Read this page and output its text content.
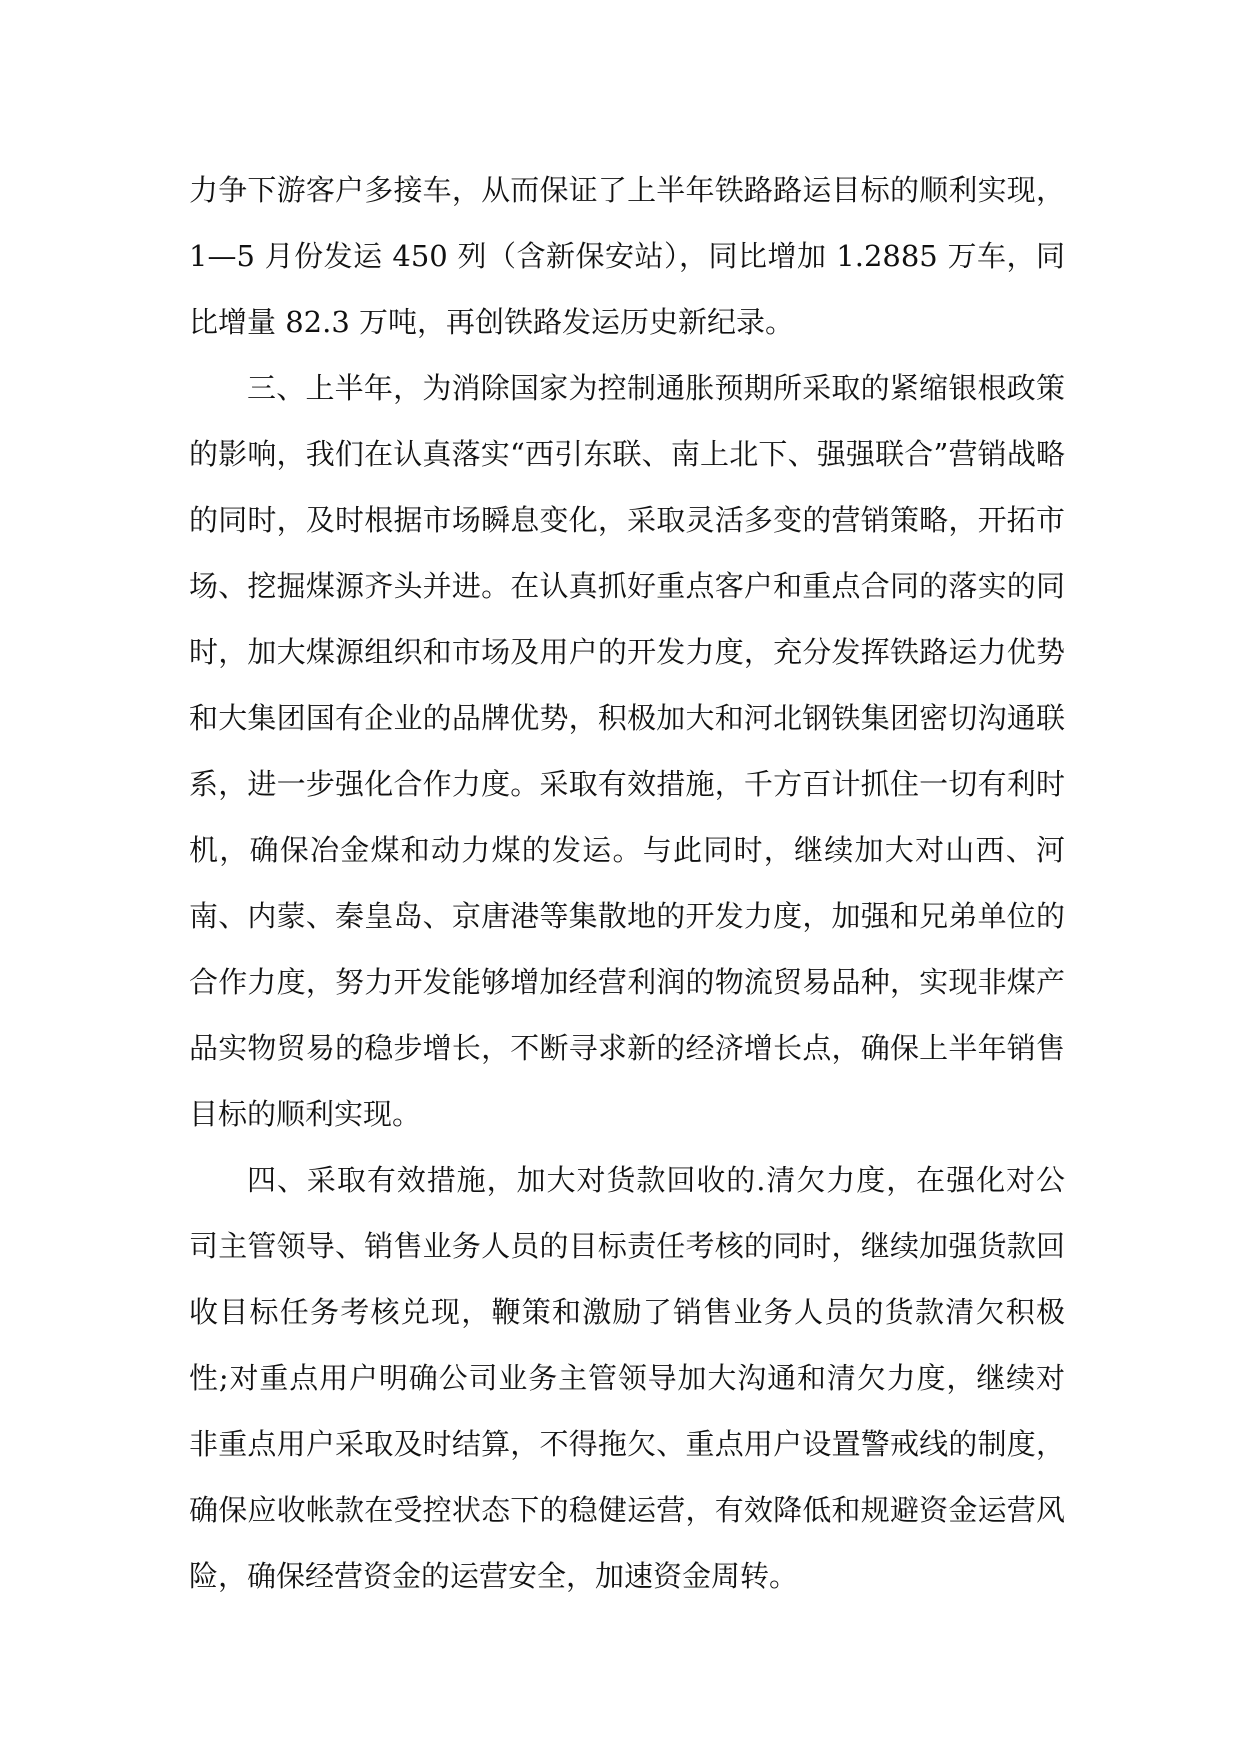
力争下游客户多接车，从而保证了上半年铁路路运目标的顺利实现，1—5 月份发运 450 列（含新保安站），同比增加 1.2885 万车，同比增量 82.3 万吨，再创铁路发运历史新纪录。

三、上半年，为消除国家为控制通胀预期所采取的紧缩银根政策的影响，我们在认真落实“西引东联、南上北下、强强联合”营销战略的同时，及时根据市场瞬息变化，采取灵活多变的营销策略，开拓市场、挖掘煤源齐头并进。在认真抓好重点客户和重点合同的落实的同时，加大煤源组织和市场及用户的开发力度，充分发挥铁路运力优势和大集团国有企业的品牌优势，积极加大和河北钢铁集团密切沟通联系，进一步强化合作力度。采取有效措施，千方百计抓住一切有利时机，确保冶金煤和动力煤的发运。与此同时，继续加大对山西、河南、内蒙、秦皇岛、京唐港等集散地的开发力度，加强和兄弟单位的合作力度，努力开发能够增加经营利润的物流贸易品种，实现非煤产品实物贸易的稳步增长，不断寻求新的经济增长点，确保上半年销售目标的顺利实现。

四、采取有效措施，加大对货款回收的.清欠力度，在强化对公司主管领导、销售业务人员的目标责任考核的同时，继续加强货款回收目标任务考核兑现，鞭策和激励了销售业务人员的货款清欠积极性;对重点用户明确公司业务主管领导加大沟通和清欠力度，继续对非重点用户采取及时结算，不得拖欠、重点用户设置警戒线的制度，确保应收帐款在受控状态下的稳健运营，有效降低和规避资金运营风险，确保经营资金的运营安全，加速资金周转。
